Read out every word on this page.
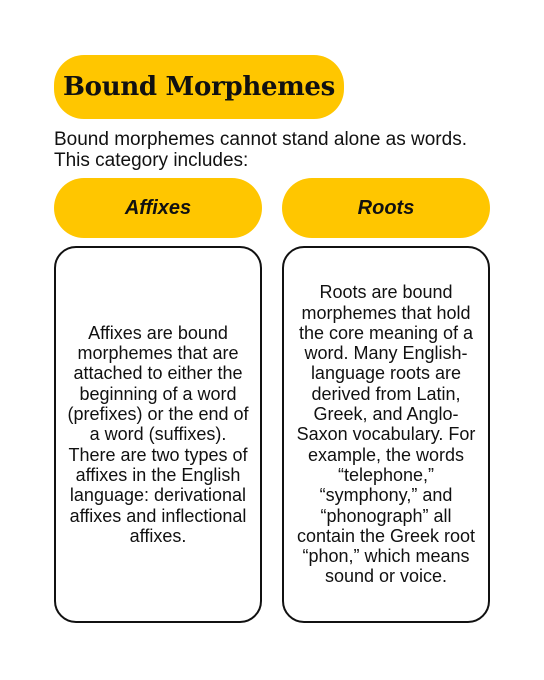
Bound Morphemes
Bound morphemes cannot stand alone as words. This category includes:
Affixes	Roots

Affixes are bound morphemes that are attached to either the beginning of a word (prefixes) or the end of a word (suffixes). There are two types of affixes in the English language: derivational affixes and inflectional affixes.

Roots are bound morphemes that hold the core meaning of a word. Many English-language roots are derived from Latin, Greek, and Anglo-Saxon vocabulary. For example, the words “telephone,” “symphony,” and “phonograph” all contain the Greek root “phon,” which means sound or voice.
